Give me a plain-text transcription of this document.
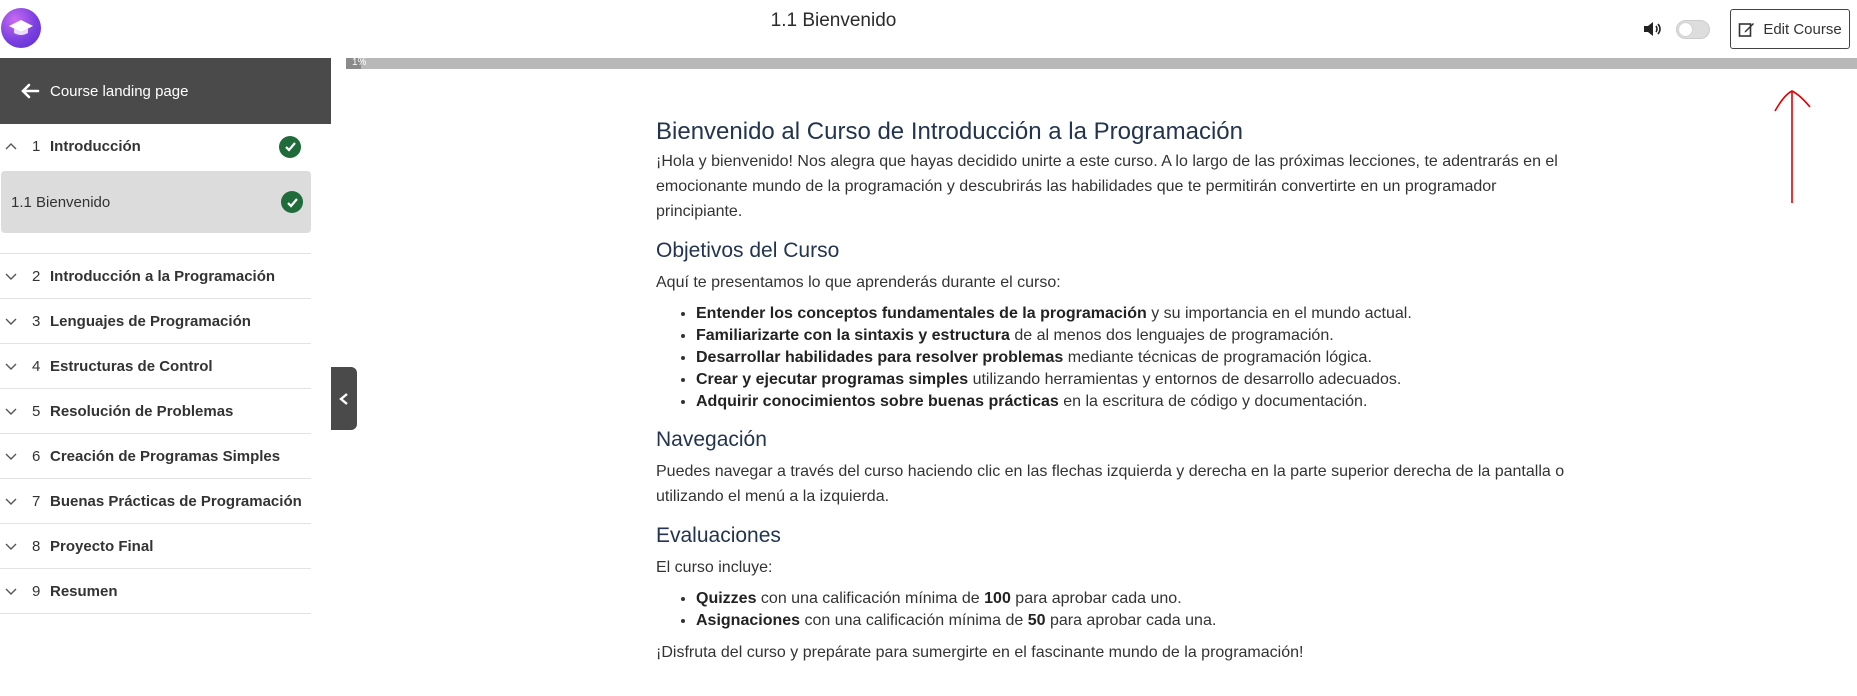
1.1 Bienvenido	Edit Course
1%
Course landing page
1 Introducción
1.1 Bienvenido
2 Introducción a la Programación
3 Lenguajes de Programación
4 Estructuras de Control
5 Resolución de Problemas
6 Creación de Programas Simples
7 Buenas Prácticas de Programación
8 Proyecto Final
9 Resumen
Bienvenido al Curso de Introducción a la Programación

¡Hola y bienvenido! Nos alegra que hayas decidido unirte a este curso. A lo largo de las próximas lecciones, te adentrarás en el emocionante mundo de la programación y descubrirás las habilidades que te permitirán convertirte en un programador principiante.

Objetivos del Curso

Aquí te presentamos lo que aprenderás durante el curso:

• Entender los conceptos fundamentales de la programación y su importancia en el mundo actual.
• Familiarizarte con la sintaxis y estructura de al menos dos lenguajes de programación.
• Desarrollar habilidades para resolver problemas mediante técnicas de programación lógica.
• Crear y ejecutar programas simples utilizando herramientas y entornos de desarrollo adecuados.
• Adquirir conocimientos sobre buenas prácticas en la escritura de código y documentación.
Navegación

Puedes navegar a través del curso haciendo clic en las flechas izquierda y derecha en la parte superior derecha de la pantalla o utilizando el menú a la izquierda.

Evaluaciones

El curso incluye:

• Quizzes con una calificación mínima de 100 para aprobar cada uno.
• Asignaciones con una calificación mínima de 50 para aprobar cada una.

¡Disfruta del curso y prepárate para sumergirte en el fascinante mundo de la programación!
